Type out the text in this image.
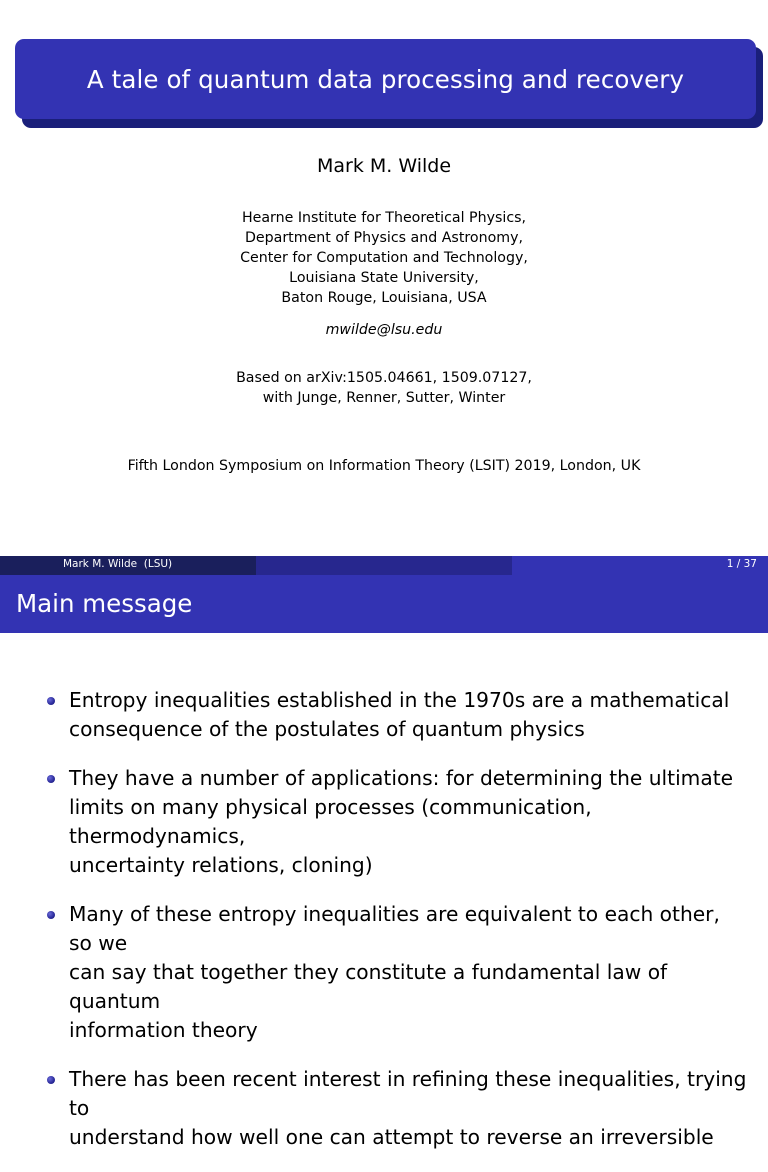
A tale of quantum data processing and recovery
Mark M. Wilde
Hearne Institute for Theoretical Physics,
Department of Physics and Astronomy,
Center for Computation and Technology,
Louisiana State University,
Baton Rouge, Louisiana, USA
mwilde@lsu.edu
Based on arXiv:1505.04661, 1509.07127,
with Junge, Renner, Sutter, Winter
Fifth London Symposium on Information Theory (LSIT) 2019, London, UK
Mark M. Wilde  (LSU)	1 / 37
Main message
Entropy inequalities established in the 1970s are a mathematical
consequence of the postulates of quantum physics
They have a number of applications: for determining the ultimate
limits on many physical processes (communication, thermodynamics,
uncertainty relations, cloning)
Many of these entropy inequalities are equivalent to each other, so we
can say that together they constitute a fundamental law of quantum
information theory
There has been recent interest in refining these inequalities, trying to
understand how well one can attempt to reverse an irreversible
